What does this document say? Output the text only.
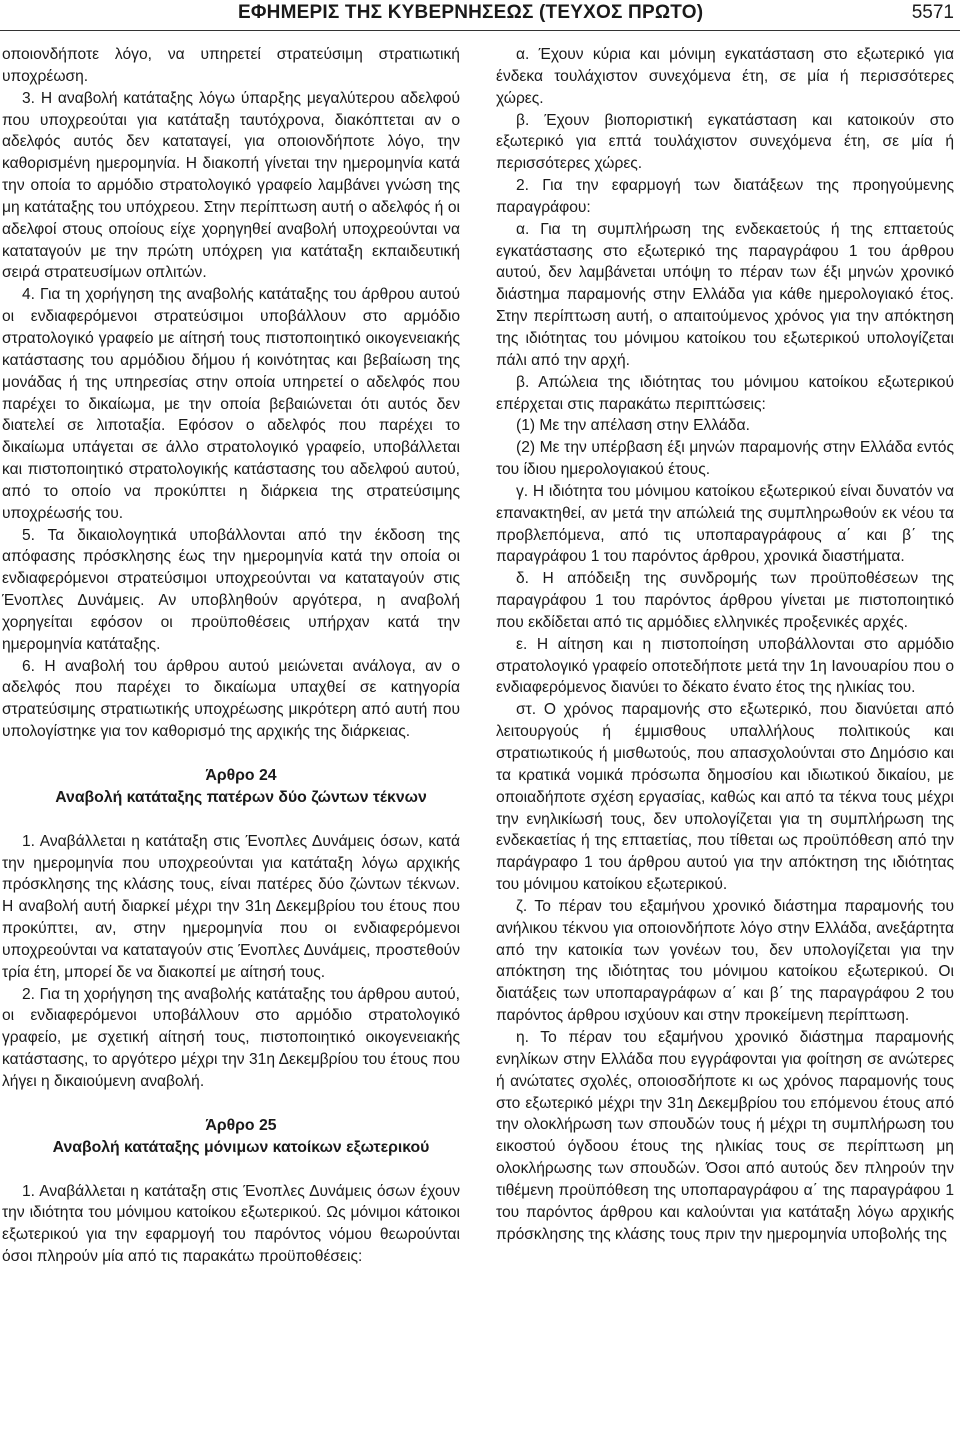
ΕΦΗΜΕΡΙΣ ΤΗΣ ΚΥΒΕΡΝΗΣΕΩΣ (ΤΕΥΧΟΣ ΠΡΩΤΟ)	5571

οποιονδήποτε λόγο, να υπηρετεί στρατεύσιμη στρατιωτική υποχρέωση.

3. Η αναβολή κατάταξης λόγω ύπαρξης μεγαλύτερου αδελφού που υποχρεούται για κατάταξη ταυτόχρονα, διακόπτεται αν ο αδελφός αυτός δεν καταταγεί, για οποιονδήποτε λόγο, την καθορισμένη ημερομηνία. Η διακοπή γίνεται την ημερομηνία κατά την οποία το αρμόδιο στρατολογικό γραφείο λαμβάνει γνώση της μη κατάταξης του υπόχρεου. Στην περίπτωση αυτή ο αδελφός ή οι αδελφοί στους οποίους είχε χορηγηθεί αναβολή υποχρεούνται να καταταγούν με την πρώτη υπόχρεη για κατάταξη εκπαιδευτική σειρά στρατευσίμων οπλιτών.

4. Για τη χορήγηση της αναβολής κατάταξης του άρθρου αυτού οι ενδιαφερόμενοι στρατεύσιμοι υποβάλλουν στο αρμόδιο στρατολογικό γραφείο με αίτησή τους πιστοποιητικό οικογενειακής κατάστασης του αρμόδιου δήμου ή κοινότητας και βεβαίωση της μονάδας ή της υπηρεσίας στην οποία υπηρετεί ο αδελφός που παρέχει το δικαίωμα, με την οποία βεβαιώνεται ότι αυτός δεν διατελεί σε λιποταξία. Εφόσον ο αδελφός που παρέχει το δικαίωμα υπάγεται σε άλλο στρατολογικό γραφείο, υποβάλλεται και πιστοποιητικό στρατολογικής κατάστασης του αδελφού αυτού, από το οποίο να προκύπτει η διάρκεια της στρατεύσιμης υποχρέωσής του.

5. Τα δικαιολογητικά υποβάλλονται από την έκδοση της απόφασης πρόσκλησης έως την ημερομηνία κατά την οποία οι ενδιαφερόμενοι στρατεύσιμοι υποχρεούνται να καταταγούν στις Ένοπλες Δυνάμεις. Αν υποβληθούν αργότερα, η αναβολή χορηγείται εφόσον οι προϋποθέσεις υπήρχαν κατά την ημερομηνία κατάταξης.

6. Η αναβολή του άρθρου αυτού μειώνεται ανάλογα, αν ο αδελφός που παρέχει το δικαίωμα υπαχθεί σε κατηγορία στρατεύσιμης στρατιωτικής υποχρέωσης μικρότερη από αυτή που υπολογίστηκε για τον καθορισμό της αρχικής της διάρκειας.

Άρθρο 24

Αναβολή κατάταξης πατέρων δύο ζώντων τέκνων

1. Αναβάλλεται η κατάταξη στις Ένοπλες Δυνάμεις όσων, κατά την ημερομηνία που υποχρεούνται για κατάταξη λόγω αρχικής πρόσκλησης της κλάσης τους, είναι πατέρες δύο ζώντων τέκνων. Η αναβολή αυτή διαρκεί μέχρι την 31η Δεκεμβρίου του έτους που προκύπτει, αν, στην ημερομηνία που οι ενδιαφερόμενοι υποχρεούνται να καταταγούν στις Ένοπλες Δυνάμεις, προστεθούν τρία έτη, μπορεί δε να διακοπεί με αίτησή τους.

2. Για τη χορήγηση της αναβολής κατάταξης του άρθρου αυτού, οι ενδιαφερόμενοι υποβάλλουν στο αρμόδιο στρατολογικό γραφείο, με σχετική αίτησή τους, πιστοποιητικό οικογενειακής κατάστασης, το αργότερο μέχρι την 31η Δεκεμβρίου του έτους που λήγει η δικαιούμενη αναβολή.

Άρθρο 25

Αναβολή κατάταξης μόνιμων κατοίκων εξωτερικού

1. Αναβάλλεται η κατάταξη στις Ένοπλες Δυνάμεις όσων έχουν την ιδιότητα του μόνιμου κατοίκου εξωτερικού. Ως μόνιμοι κάτοικοι εξωτερικού για την εφαρμογή του παρόντος νόμου θεωρούνται όσοι πληρούν μία από τις παρακάτω προϋποθέσεις:

α. Έχουν κύρια και μόνιμη εγκατάσταση στο εξωτερικό για ένδεκα τουλάχιστον συνεχόμενα έτη, σε μία ή περισσότερες χώρες.

β. Έχουν βιοποριστική εγκατάσταση και κατοικούν στο εξωτερικό για επτά τουλάχιστον συνεχόμενα έτη, σε μία ή περισσότερες χώρες.

2. Για την εφαρμογή των διατάξεων της προηγούμενης παραγράφου:

α. Για τη συμπλήρωση της ενδεκαετούς ή της επταετούς εγκατάστασης στο εξωτερικό της παραγράφου 1 του άρθρου αυτού, δεν λαμβάνεται υπόψη το πέραν των έξι μηνών χρονικό διάστημα παραμονής στην Ελλάδα για κάθε ημερολογιακό έτος. Στην περίπτωση αυτή, ο απαιτούμενος χρόνος για την απόκτηση της ιδιότητας του μόνιμου κατοίκου του εξωτερικού υπολογίζεται πάλι από την αρχή.

β. Απώλεια της ιδιότητας του μόνιμου κατοίκου εξωτερικού επέρχεται στις παρακάτω περιπτώσεις:

(1) Με την απέλαση στην Ελλάδα.

(2) Με την υπέρβαση έξι μηνών παραμονής στην Ελλάδα εντός του ίδιου ημερολογιακού έτους.

γ. Η ιδιότητα του μόνιμου κατοίκου εξωτερικού είναι δυνατόν να επανακτηθεί, αν μετά την απώλειά της συμπληρωθούν εκ νέου τα προβλεπόμενα, από τις υποπαραγράφους α΄ και β΄ της παραγράφου 1 του παρόντος άρθρου, χρονικά διαστήματα.

δ. Η απόδειξη της συνδρομής των προϋποθέσεων της παραγράφου 1 του παρόντος άρθρου γίνεται με πιστοποιητικό που εκδίδεται από τις αρμόδιες ελληνικές προξενικές αρχές.

ε. Η αίτηση και η πιστοποίηση υποβάλλονται στο αρμόδιο στρατολογικό γραφείο οποτεδήποτε μετά την 1η Ιανουαρίου που ο ενδιαφερόμενος διανύει το δέκατο ένατο έτος της ηλικίας του.

στ. Ο χρόνος παραμονής στο εξωτερικό, που διανύεται από λειτουργούς ή έμμισθους υπαλλήλους πολιτικούς και στρατιωτικούς ή μισθωτούς, που απασχολούνται στο Δημόσιο και τα κρατικά νομικά πρόσωπα δημοσίου και ιδιωτικού δικαίου, με οποιαδήποτε σχέση εργασίας, καθώς και από τα τέκνα τους μέχρι την ενηλικίωσή τους, δεν υπολογίζεται για τη συμπλήρωση της ενδεκαετίας ή της επταετίας, που τίθεται ως προϋπόθεση από την παράγραφο 1 του άρθρου αυτού για την απόκτηση της ιδιότητας του μόνιμου κατοίκου εξωτερικού.

ζ. Το πέραν του εξαμήνου χρονικό διάστημα παραμονής του ανήλικου τέκνου για οποιονδήποτε λόγο στην Ελλάδα, ανεξάρτητα από την κατοικία των γονέων του, δεν υπολογίζεται για την απόκτηση της ιδιότητας του μόνιμου κατοίκου εξωτερικού. Οι διατάξεις των υποπαραγράφων α΄ και β΄ της παραγράφου 2 του παρόντος άρθρου ισχύουν και στην προκείμενη περίπτωση.

η. Το πέραν του εξαμήνου χρονικό διάστημα παραμονής ενηλίκων στην Ελλάδα που εγγράφονται για φοίτηση σε ανώτερες ή ανώτατες σχολές, οποιοσδήποτε κι ως χρόνος παραμονής τους στο εξωτερικό μέχρι την 31η Δεκεμβρίου του επόμενου έτους από την ολοκλήρωση των σπουδών τους ή μέχρι τη συμπλήρωση του εικοστού όγδοου έτους της ηλικίας τους σε περίπτωση μη ολοκλήρωσης των σπουδών. Όσοι από αυτούς δεν πληρούν την τιθέμενη προϋπόθεση της υποπαραγράφου α΄ της παραγράφου 1 του παρόντος άρθρου και καλούνται για κατάταξη λόγω αρχικής πρόσκλησης της κλάσης τους πριν την ημερομηνία υποβολής της
